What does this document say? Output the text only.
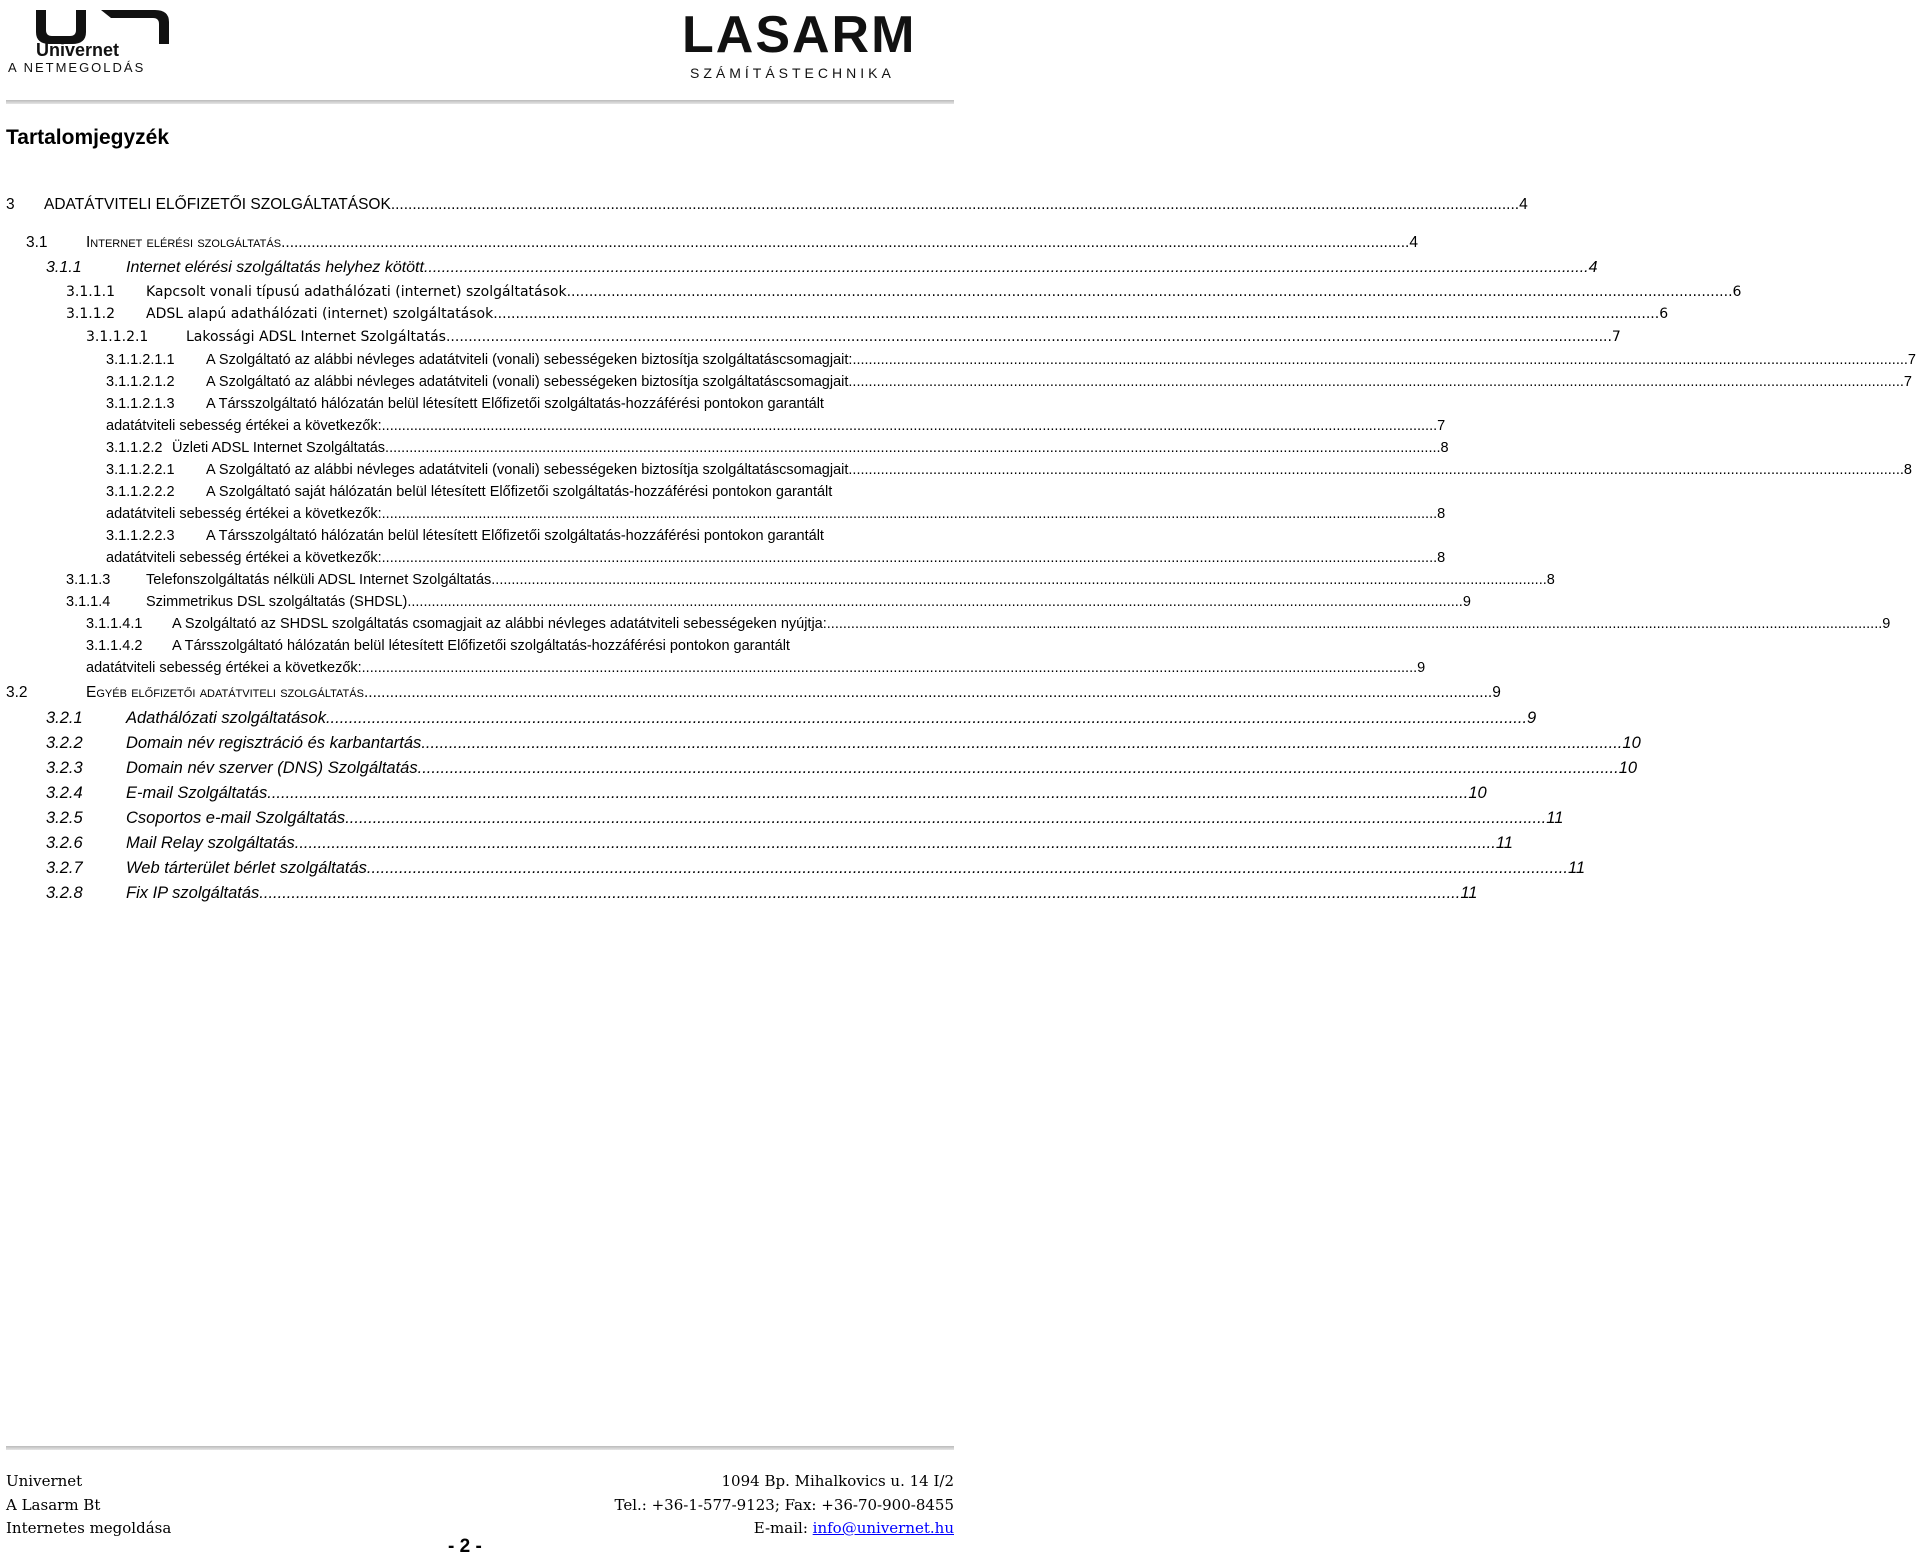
Univernet
A NETMEGOLDÁS
LASARM
SZÁMÍTÁSTECHNIKA
Tartalomjegyzék
3	ADATÁTVITELI ELŐFIZETŐI SZOLGÁLTATÁSOK .....	4
3.1	Internet elérési szolgáltatás .....	4
3.1.1	Internet elérési szolgáltatás helyhez kötött .....	4
3.1.1.1	Kapcsolt vonali típusú adathálózati (internet) szolgáltatások .....	6
3.1.1.2	ADSL alapú adathálózati (internet) szolgáltatások .....	6
3.1.1.2.1	Lakossági ADSL Internet Szolgáltatás .....	7
3.1.1.2.1.1	A Szolgáltató az alábbi névleges adatátviteli (vonali) sebességeken biztosítja szolgáltatáscsomagjait: .....	7
3.1.1.2.1.2	A Szolgáltató az alábbi névleges adatátviteli (vonali) sebességeken biztosítja szolgáltatáscsomagjait .....	7
3.1.1.2.1.3	A Társszolgáltató hálózatán belül létesített Előfizetői szolgáltatás-hozzáférési pontokon garantált
adatátviteli sebesség értékei a következők: .....	7
3.1.1.2.2 Üzleti ADSL Internet Szolgáltatás .....	8
3.1.1.2.2.1	A Szolgáltató az alábbi névleges adatátviteli (vonali) sebességeken biztosítja szolgáltatáscsomagjait .....	8
3.1.1.2.2.2	A Szolgáltató saját hálózatán belül létesített Előfizetői szolgáltatás-hozzáférési pontokon garantált
adatátviteli sebesség értékei a következők: .....	8
3.1.1.2.2.3	A Társszolgáltató hálózatán belül létesített Előfizetői szolgáltatás-hozzáférési pontokon garantált
adatátviteli sebesség értékei a következők: .....	8
3.1.1.3	Telefonszolgáltatás nélküli ADSL Internet Szolgáltatás .....	8
3.1.1.4	Szimmetrikus DSL szolgáltatás (SHDSL) .....	9
3.1.1.4.1	A Szolgáltató az SHDSL szolgáltatás csomagjait az alábbi névleges adatátviteli sebességeken nyújtja: .....	9
3.1.1.4.2	A Társszolgáltató hálózatán belül létesített Előfizetői szolgáltatás-hozzáférési pontokon garantált
adatátviteli sebesség értékei a következők: .....	9
3.2	Egyéb előfizetői adatátviteli szolgáltatás .....	9
3.2.1	Adathálózati szolgáltatások .....	9
3.2.2	Domain név regisztráció és karbantartás .....	10
3.2.3	Domain név szerver (DNS) Szolgáltatás .....	10
3.2.4	E-mail Szolgáltatás .....	10
3.2.5	Csoportos e-mail Szolgáltatás .....	11
3.2.6	Mail Relay szolgáltatás .....	11
3.2.7	Web tárterület bérlet szolgáltatás .....	11
3.2.8	Fix IP szolgáltatás .....	11
Univernet
A Lasarm Bt
Internetes megoldása
1094 Bp. Mihalkovics u. 14 I/2
Tel.: +36-1-577-9123; Fax: +36-70-900-8455
E-mail: info@univernet.hu
- 2 -
